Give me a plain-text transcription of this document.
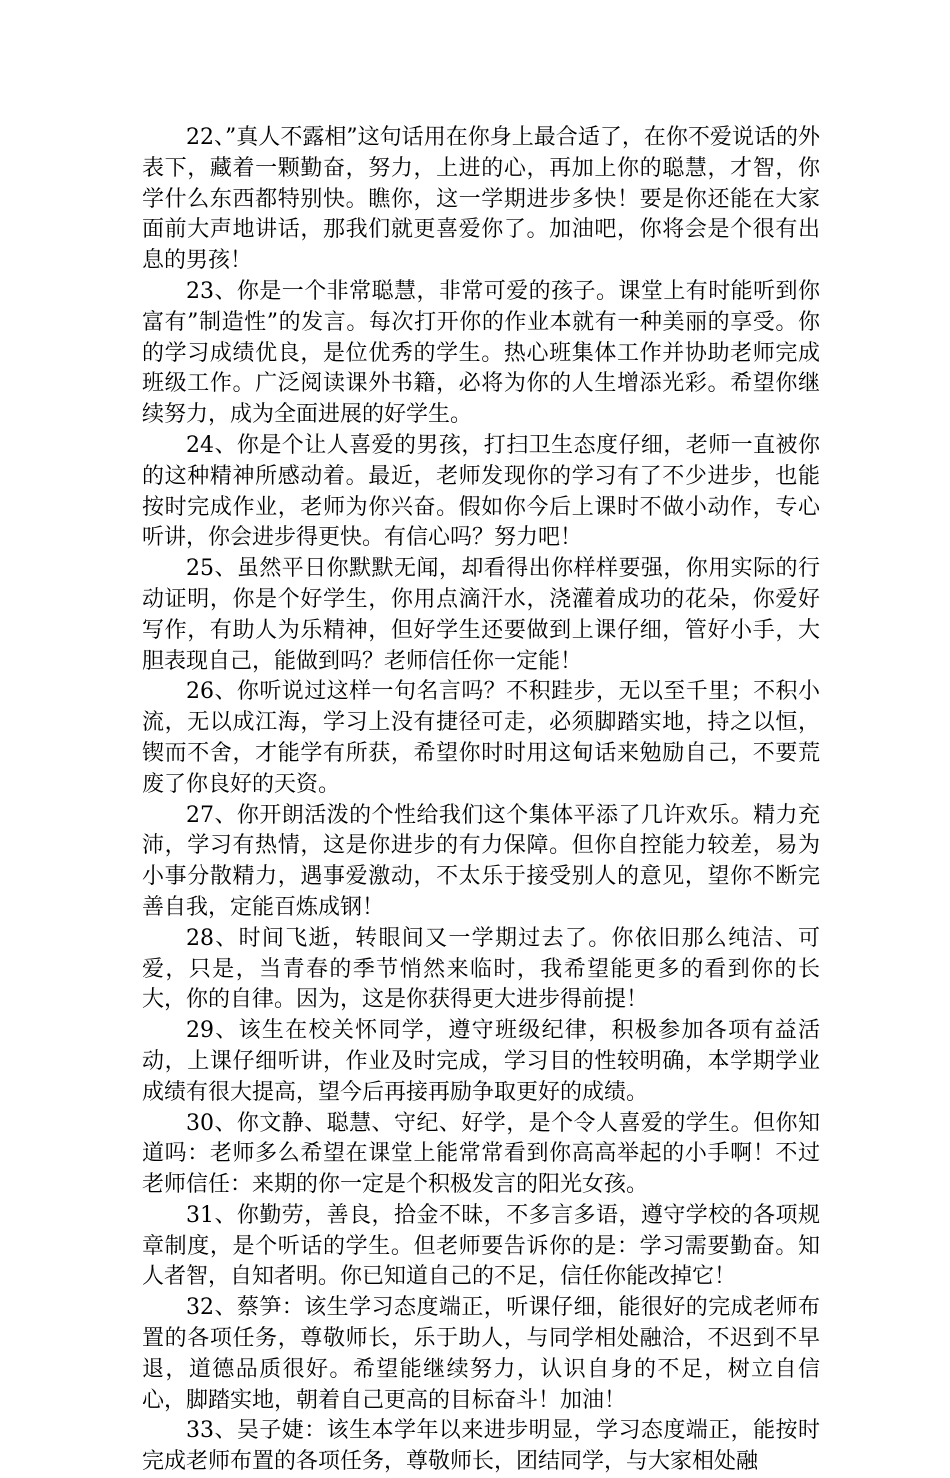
22、”真人不露相”这句话用在你身上最合适了，在你不爱说话的外表下，藏着一颗勤奋，努力，上进的心，再加上你的聪慧，才智，你学什么东西都特别快。瞧你，这一学期进步多快！要是你还能在大家面前大声地讲话，那我们就更喜爱你了。加油吧，你将会是个很有出息的男孩！

23、你是一个非常聪慧，非常可爱的孩子。课堂上有时能听到你富有”制造性”的发言。每次打开你的作业本就有一种美丽的享受。你的学习成绩优良，是位优秀的学生。热心班集体工作并协助老师完成班级工作。广泛阅读课外书籍，必将为你的人生增添光彩。希望你继续努力，成为全面进展的好学生。

24、你是个让人喜爱的男孩，打扫卫生态度仔细，老师一直被你的这种精神所感动着。最近，老师发现你的学习有了不少进步，也能按时完成作业，老师为你兴奋。假如你今后上课时不做小动作，专心听讲，你会进步得更快。有信心吗？努力吧！

25、虽然平日你默默无闻，却看得出你样样要强，你用实际的行动证明，你是个好学生，你用点滴汗水，浇灌着成功的花朵，你爱好写作，有助人为乐精神，但好学生还要做到上课仔细，管好小手，大胆表现自己，能做到吗？老师信任你一定能！

26、你听说过这样一句名言吗？不积跬步，无以至千里；不积小流，无以成江海，学习上没有捷径可走，必须脚踏实地，持之以恒，锲而不舍，才能学有所获，希望你时时用这甸话来勉励自己，不要荒废了你良好的天资。

27、你开朗活泼的个性给我们这个集体平添了几许欢乐。精力充沛，学习有热情，这是你进步的有力保障。但你自控能力较差，易为小事分散精力，遇事爱激动，不太乐于接受别人的意见，望你不断完善自我，定能百炼成钢！

28、时间飞逝，转眼间又一学期过去了。你依旧那么纯洁、可爱，只是，当青春的季节悄然来临时，我希望能更多的看到你的长大，你的自律。因为，这是你获得更大进步得前提！

29、该生在校关怀同学，遵守班级纪律，积极参加各项有益活动，上课仔细听讲，作业及时完成，学习目的性较明确，本学期学业成绩有很大提高，望今后再接再励争取更好的成绩。

30、你文静、聪慧、守纪、好学，是个令人喜爱的学生。但你知道吗：老师多么希望在课堂上能常常看到你高高举起的小手啊！不过老师信任：来期的你一定是个积极发言的阳光女孩。

31、你勤劳，善良，拾金不昧，不多言多语，遵守学校的各项规章制度，是个听话的学生。但老师要告诉你的是：学习需要勤奋。知人者智，自知者明。你已知道自己的不足，信任你能改掉它！

32、蔡笋：该生学习态度端正，听课仔细，能很好的完成老师布置的各项任务，尊敬师长，乐于助人，与同学相处融洽，不迟到不早退，道德品质很好。希望能继续努力，认识自身的不足，树立自信心，脚踏实地，朝着自己更高的目标奋斗！加油！

33、吴子婕：该生本学年以来进步明显，学习态度端正，能按时完成老师布置的各项任务，尊敬师长，团结同学，与大家相处融
